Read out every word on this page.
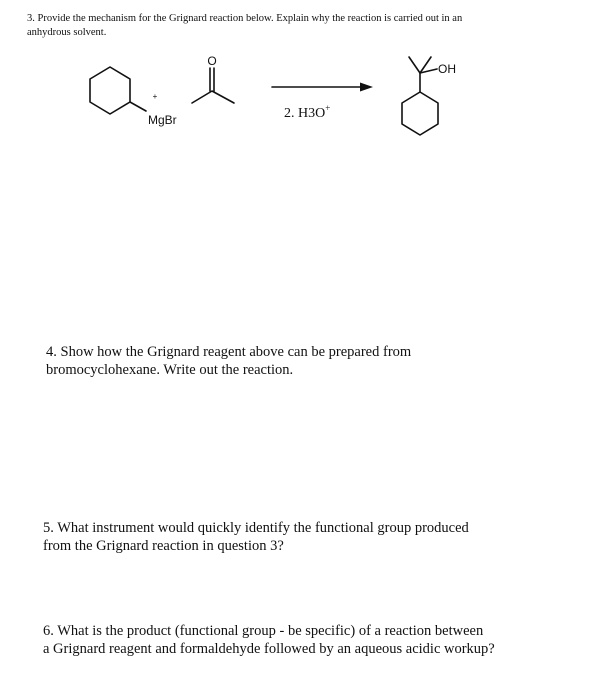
3. Provide the mechanism for the Grignard reaction below. Explain why the reaction is carried out in an
anhydrous solvent.

+
MgBr
O
2. H3O+
OH

4. Show how the Grignard reagent above can be prepared from
bromocyclohexane. Write out the reaction.

5. What instrument would quickly identify the functional group produced
from the Grignard reaction in question 3?

6. What is the product (functional group - be specific) of a reaction between
a Grignard reagent and formaldehyde followed by an aqueous acidic workup?
